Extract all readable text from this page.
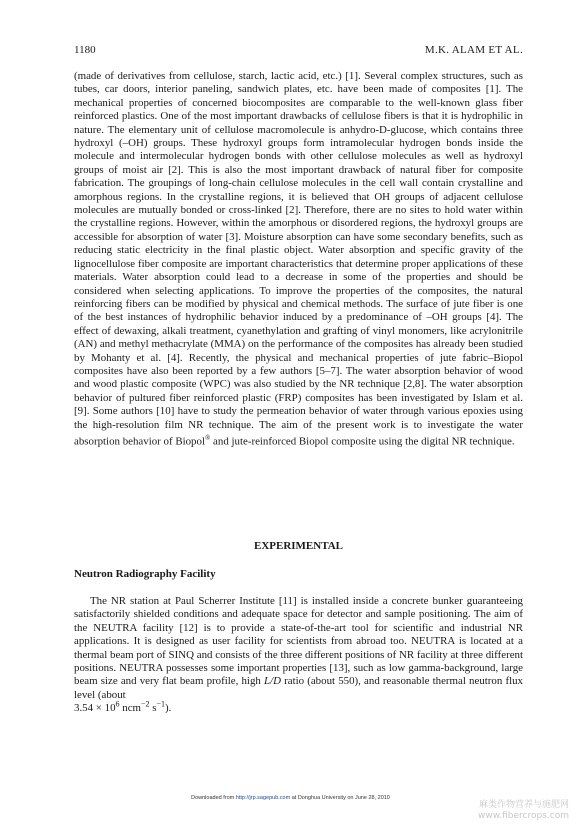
1180	M.K. ALAM ET AL.

(made of derivatives from cellulose, starch, lactic acid, etc.) [1]. Several complex structures, such as tubes, car doors, interior paneling, sandwich plates, etc. have been made of composites [1]. The mechanical properties of concerned biocomposites are comparable to the well-known glass fiber reinforced plastics. One of the most important drawbacks of cellulose fibers is that it is hydrophilic in nature. The elementary unit of cellulose macromolecule is anhydro-D-glucose, which contains three hydroxyl (–OH) groups. These hydroxyl groups form intramolecular hydrogen bonds inside the molecule and intermolecular hydrogen bonds with other cellulose molecules as well as hydroxyl groups of moist air [2]. This is also the most important drawback of natural fiber for composite fabrication. The groupings of long-chain cellulose molecules in the cell wall contain crystalline and amorphous regions. In the crystalline regions, it is believed that OH groups of adjacent cellulose molecules are mutually bonded or cross-linked [2]. Therefore, there are no sites to hold water within the crystalline regions. However, within the amorphous or disordered regions, the hydroxyl groups are accessible for absorption of water [3]. Moisture absorption can have some secondary benefits, such as reducing static electricity in the final plastic object. Water absorption and specific gravity of the lignocellulose fiber composite are important characteristics that determine proper applications of these materials. Water absorption could lead to a decrease in some of the properties and should be considered when selecting applications. To improve the properties of the composites, the natural reinforcing fibers can be modified by physical and chemical methods. The surface of jute fiber is one of the best instances of hydrophilic behavior induced by a predominance of –OH groups [4]. The effect of dewaxing, alkali treatment, cyanethylation and grafting of vinyl monomers, like acrylonitrile (AN) and methyl methacrylate (MMA) on the performance of the composites has already been studied by Mohanty et al. [4]. Recently, the physical and mechanical properties of jute fabric–Biopol composites have also been reported by a few authors [5–7]. The water absorption behavior of wood and wood plastic composite (WPC) was also studied by the NR technique [2,8]. The water absorption behavior of pultured fiber reinforced plastic (FRP) composites has been investigated by Islam et al. [9]. Some authors [10] have to study the permeation behavior of water through various epoxies using the high-resolution film NR technique. The aim of the present work is to investigate the water absorption behavior of Biopol® and jute-reinforced Biopol composite using the digital NR technique.

EXPERIMENTAL
Neutron Radiography Facility

The NR station at Paul Scherrer Institute [11] is installed inside a concrete bunker guaranteeing satisfactorily shielded conditions and adequate space for detector and sample positioning. The aim of the NEUTRA facility [12] is to provide a state-of-the-art tool for scientific and industrial NR applications. It is designed as user facility for scientists from abroad too. NEUTRA is located at a thermal beam port of SINQ and consists of the three different positions of NR facility at three different positions. NEUTRA possesses some important properties [13], such as low gamma-background, large beam size and very flat beam profile, high L/D ratio (about 550), and reasonable thermal neutron flux level (about
$3.54 \times 10^6$ ncm$^{-2}$ $s^{-1}$).

Downloaded from http://jrp.sagepub.com at Donghua University on June 28, 2010
麻类作物营养与施肥网
www.fibercrops.com
